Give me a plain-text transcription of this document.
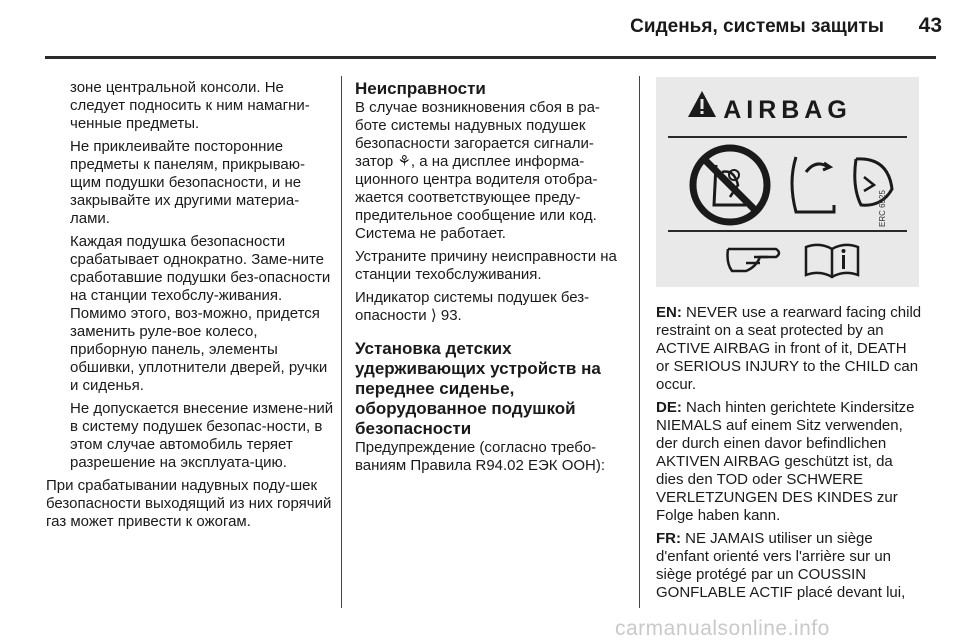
Сиденья, системы защиты 43

зоне центральной консоли. Не следует подносить к ним намагни-ченные предметы.

Не приклеивайте посторонние предметы к панелям, прикрываю-щим подушки безопасности, и не закрывайте их другими материа-лами.

Каждая подушка безопасности срабатывает однократно. Заме-ните сработавшие подушки без-опасности на станции техобслу-живания. Помимо этого, воз-можно, придется заменить руле-вое колесо, приборную панель, элементы обшивки, уплотнители дверей, ручки и сиденья.

Не допускается внесение измене-ний в систему подушек безопас-ности, в этом случае автомобиль теряет разрешение на эксплуата-цию.

При срабатывании надувных поду-шек безопасности выходящий из них горячий газ может привести к ожогам.

Неисправности

В случае возникновения сбоя в ра-боте системы надувных подушек безопасности загорается сигнали-затор ⚘, а на дисплее информа-ционного центра водителя отобра-жается соответствующее преду-предительное сообщение или код. Система не работает.

Устраните причину неисправности на станции техобслуживания.

Индикатор системы подушек без-опасности ⟩ 93.

Установка детских удерживающих устройств на переднее сиденье, оборудованное подушкой безопасности

Предупреждение (согласно требо-ваниям Правила R94.02 ЕЭК ООН):

AIRBAG
ERC 6525

EN: NEVER use a rearward facing child restraint on a seat protected by an ACTIVE AIRBAG in front of it, DEATH or SERIOUS INJURY to the CHILD can occur.

DE: Nach hinten gerichtete Kindersitze NIEMALS auf einem Sitz verwenden, der durch einen davor befindlichen AKTIVEN AIRBAG geschützt ist, da dies den TOD oder SCHWERE VERLETZUNGEN DES KINDES zur Folge haben kann.

FR: NE JAMAIS utiliser un siège d'enfant orienté vers l'arrière sur un siège protégé par un COUSSIN GONFLABLE ACTIF placé devant lui,

carmanualsonline.info
